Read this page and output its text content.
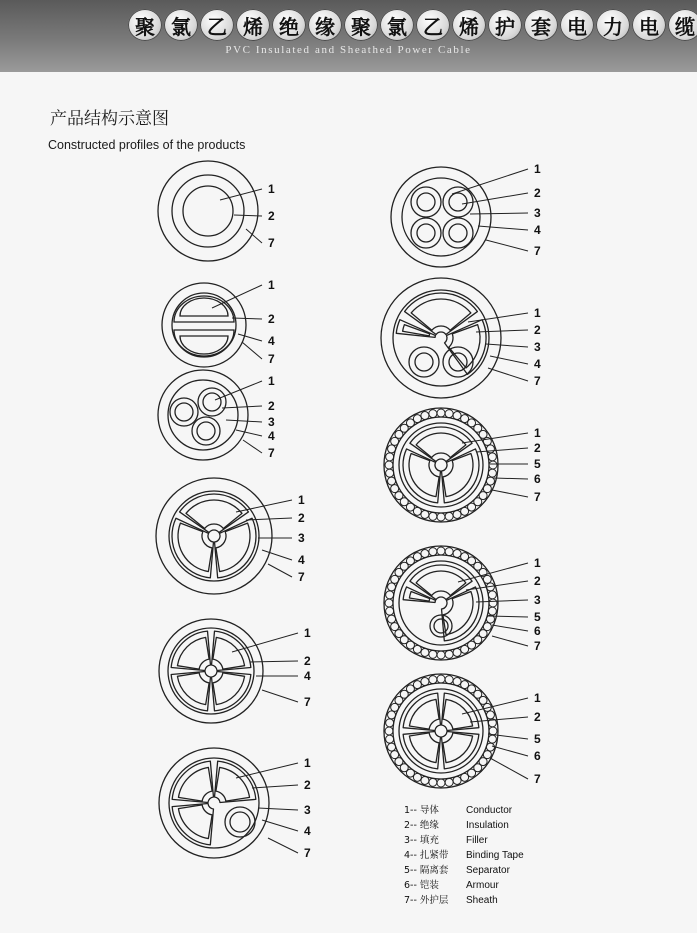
聚 氯 乙 烯 绝 缘 聚 氯 乙 烯 护 套 电 力 电 缆
PVC Insulated and Sheathed Power Cable
产品结构示意图
Constructed profiles of the products
1
2
7
1
2
4
7
1
2
3
4
7
1
2
3
4
7
1
2
4
7
1
2
3
4
7
1
2
3
4
7
1
2
3
4
7
1
2
5
6
7
1
2
3
5
6
7
1
2
5
6
7
1-- 导体	Conductor
2-- 绝缘	Insulation
3-- 填充	Filler
4-- 扎紧带	Binding Tape
5-- 隔离套	Separator
6-- 铠装	Armour
7-- 外护层	Sheath
